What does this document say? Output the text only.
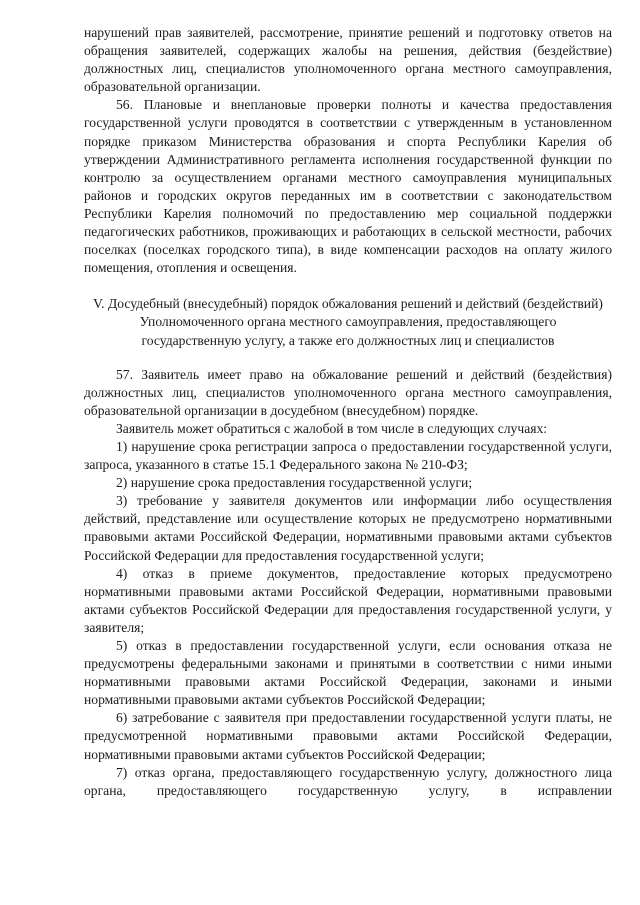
нарушений прав заявителей, рассмотрение, принятие решений и подготовку ответов на обращения заявителей, содержащих жалобы на решения, действия (бездействие) должностных лиц, специалистов уполномоченного органа местного самоуправления, образовательной организации.

56. Плановые и внеплановые проверки полноты и качества предоставления государственной услуги проводятся в соответствии с утвержденным в установленном порядке приказом Министерства образования и спорта Республики Карелия об утверждении Административного регламента исполнения государственной функции по контролю за осуществлением органами местного самоуправления муниципальных районов и городских округов переданных им в соответствии с законодательством Республики Карелия полномочий по предоставлению мер социальной поддержки педагогических работников, проживающих и работающих в сельской местности, рабочих поселках (поселках городского типа), в виде компенсации расходов на оплату жилого помещения, отопления и освещения.

V. Досудебный (внесудебный) порядок обжалования решений и действий (бездействий) Уполномоченного органа местного самоуправления, предоставляющего государственную услугу, а также его должностных лиц и специалистов

57. Заявитель имеет право на обжалование решений и действий (бездействия) должностных лиц, специалистов уполномоченного органа местного самоуправления, образовательной организации в досудебном (внесудебном) порядке.

Заявитель может обратиться с жалобой в том числе в следующих случаях:

1) нарушение срока регистрации запроса о предоставлении государственной услуги, запроса, указанного в статье 15.1 Федерального закона № 210-ФЗ;

2) нарушение срока предоставления государственной услуги;

3) требование у заявителя документов или информации либо осуществления действий, представление или осуществление которых не предусмотрено нормативными правовыми актами Российской Федерации, нормативными правовыми актами субъектов Российской Федерации для предоставления государственной услуги;

4) отказ в приеме документов, предоставление которых предусмотрено нормативными правовыми актами Российской Федерации, нормативными правовыми актами субъектов Российской Федерации для предоставления государственной услуги, у заявителя;

5) отказ в предоставлении государственной услуги, если основания отказа не предусмотрены федеральными законами и принятыми в соответствии с ними иными нормативными правовыми актами Российской Федерации, законами и иными нормативными правовыми актами субъектов Российской Федерации;

6) затребование с заявителя при предоставлении государственной услуги платы, не предусмотренной нормативными правовыми актами Российской Федерации, нормативными правовыми актами субъектов Российской Федерации;

7) отказ органа, предоставляющего государственную услугу, должностного лица органа, предоставляющего государственную услугу, в исправлении
